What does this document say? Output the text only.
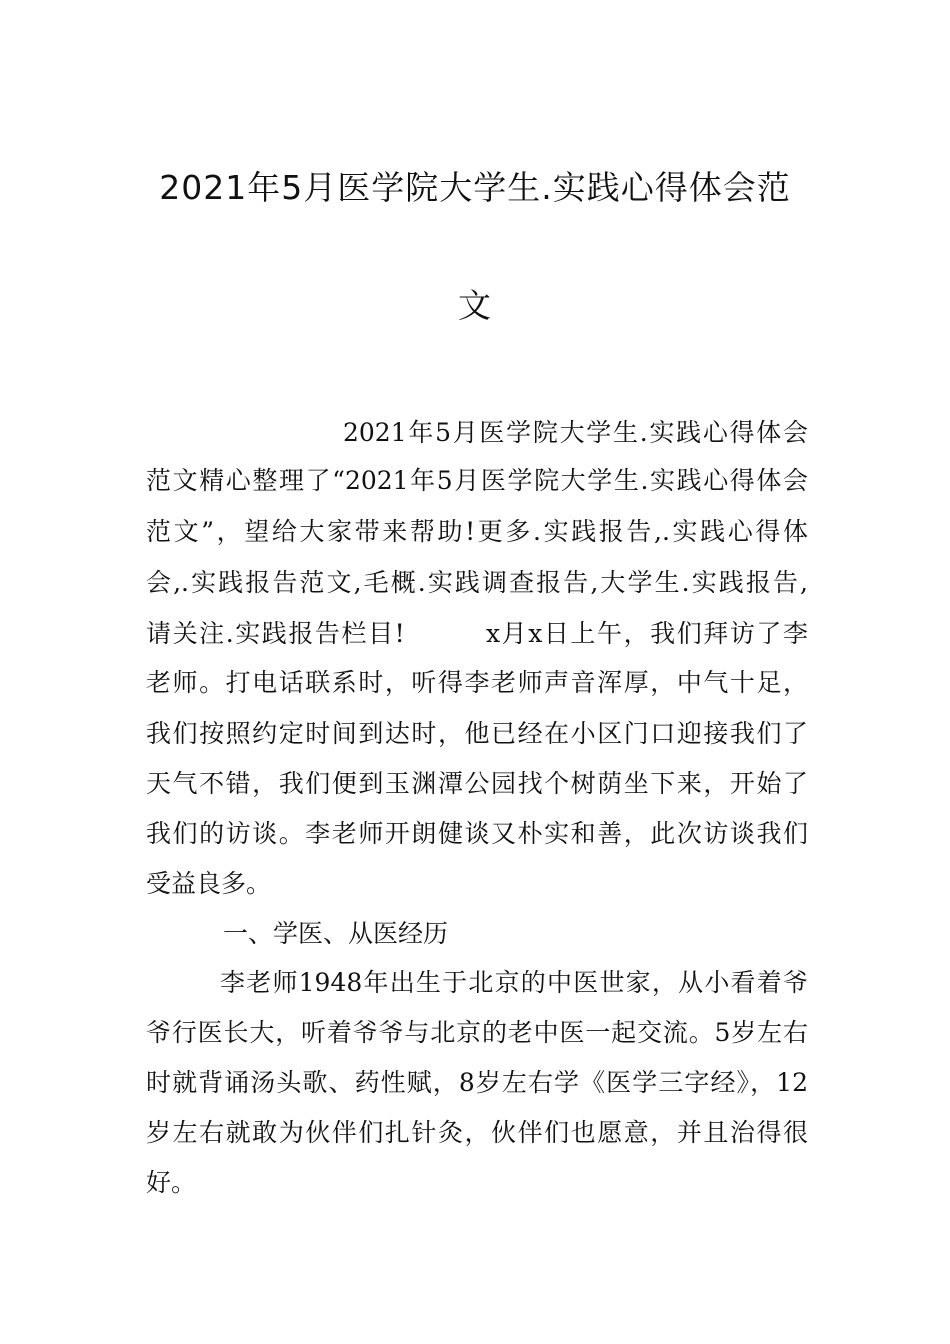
2021年5月医学院大学生.实践心得体会范
文

2021年5月医学院大学生.实践心得体会

范文精心整理了“2021年5月医学院大学生.实践心得体会

范文”，望给大家带来帮助!更多.实践报告,.实践心得体

会,.实践报告范文,毛概.实践调查报告,大学生.实践报告,

请关注.实践报告栏目!　　　x月x日上午，我们拜访了李

老师。打电话联系时，听得李老师声音浑厚，中气十足，

我们按照约定时间到达时，他已经在小区门口迎接我们了

天气不错，我们便到玉渊潭公园找个树荫坐下来，开始了

我们的访谈。李老师开朗健谈又朴实和善，此次访谈我们

受益良多。

一、学医、从医经历

李老师1948年出生于北京的中医世家，从小看着爷

爷行医长大，听着爷爷与北京的老中医一起交流。5岁左右

时就背诵汤头歌、药性赋，8岁左右学《医学三字经》，12

岁左右就敢为伙伴们扎针灸，伙伴们也愿意，并且治得很

好。
